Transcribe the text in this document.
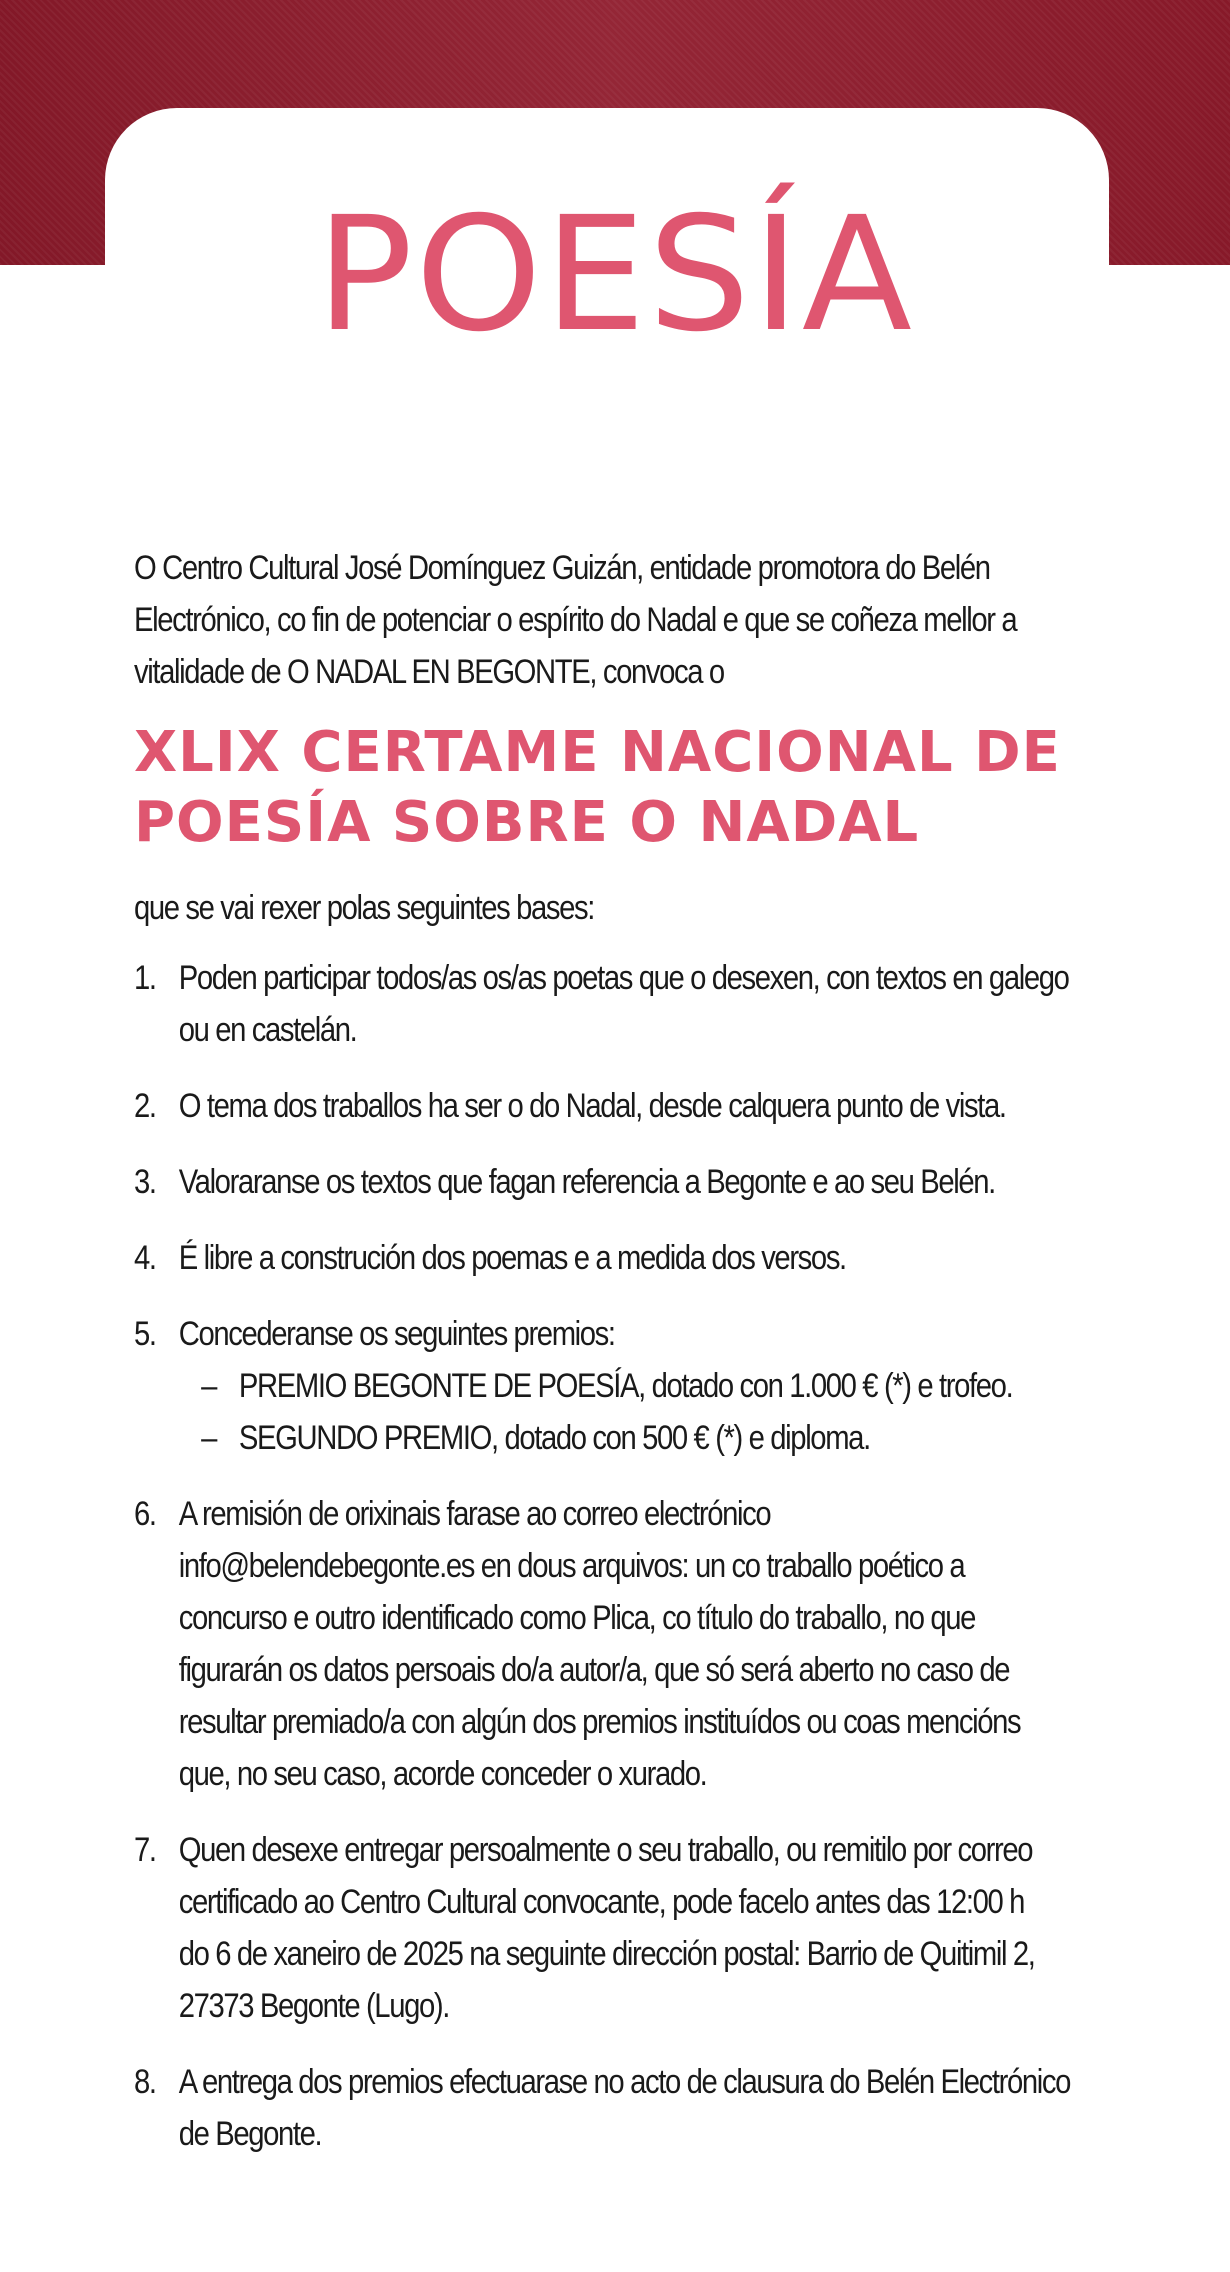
POESÍA

O Centro Cultural José Domínguez Guizán, entidade promotora do Belén
Electrónico, co fin de potenciar o espírito do Nadal e que se coñeza mellor a
vitalidade de O NADAL EN BEGONTE, convoca o

XLIX CERTAME NACIONAL DE
POESÍA SOBRE O NADAL

que se vai rexer polas seguintes bases:

1. Poden participar todos/as os/as poetas que o desexen, con textos en galego
ou en castelán.
2. O tema dos traballos ha ser o do Nadal, desde calquera punto de vista.
3. Valoraranse os textos que fagan referencia a Begonte e ao seu Belén.
4. É libre a construción dos poemas e a medida dos versos.
5. Concederanse os seguintes premios:
– PREMIO BEGONTE DE POESÍA, dotado con 1.000 € (*) e trofeo.
– SEGUNDO PREMIO, dotado con 500 € (*) e diploma.
6. A remisión de orixinais farase ao correo electrónico
info@belendebegonte.es en dous arquivos: un co traballo poético a
concurso e outro identificado como Plica, co título do traballo, no que
figurarán os datos persoais do/a autor/a, que só será aberto no caso de
resultar premiado/a con algún dos premios instituídos ou coas mencións
que, no seu caso, acorde conceder o xurado.
7. Quen desexe entregar persoalmente o seu traballo, ou remitilo por correo
certificado ao Centro Cultural convocante, pode facelo antes das 12:00 h
do 6 de xaneiro de 2025 na seguinte dirección postal: Barrio de Quitimil 2,
27373 Begonte (Lugo).
8. A entrega dos premios efectuarase no acto de clausura do Belén Electrónico
de Begonte.
